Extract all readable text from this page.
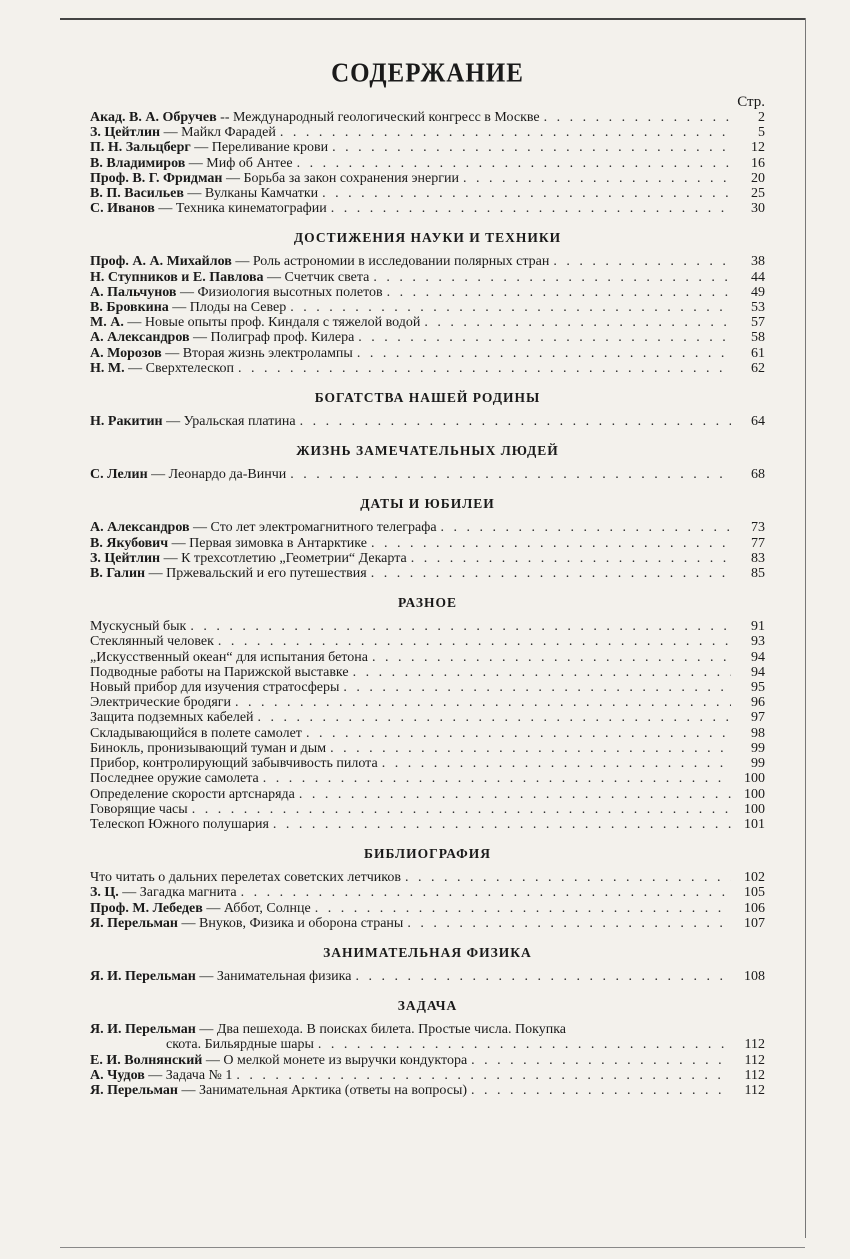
СОДЕРЖАНИЕ
Стр.
Акад. В. А. Обручев -- Международный геологический конгресс в Москве . . .	2
З. Цейтлин — Майкл Фарадей . . .	5
П. Н. Зальцберг — Переливание крови . . .	12
В. Владимиров — Миф об Антее . . .	16
Проф. В. Г. Фридман — Борьба за закон сохранения энергии . . .	20
В. П. Васильев — Вулканы Камчатки . . .	25
С. Иванов — Техника кинематографии . . .	30
ДОСТИЖЕНИЯ НАУКИ И ТЕХНИКИ
Проф. А. А. Михайлов — Роль астрономии в исследовании полярных стран . . .	38
Н. Ступников и Е. Павлова — Счетчик света . . .	44
А. Пальчунов — Физиология высотных полетов . . .	49
В. Бровкина — Плоды на Север . . .	53
М. А. — Новые опыты проф. Киндаля с тяжелой водой . . .	57
А. Александров — Полиграф проф. Килера . . .	58
А. Морозов — Вторая жизнь электролампы . . .	61
Н. М. — Сверхтелескоп . . .	62
БОГАТСТВА НАШЕЙ РОДИНЫ
Н. Ракитин — Уральская платина . . .	64
ЖИЗНЬ ЗАМЕЧАТЕЛЬНЫХ ЛЮДЕЙ
С. Лелин — Леонардо да-Винчи . . .	68
ДАТЫ И ЮБИЛЕИ
А. Александров — Сто лет электромагнитного телеграфа . . .	73
В. Якубович — Первая зимовка в Антарктике . . .	77
З. Цейтлин — К трехсотлетию „Геометрии“ Декарта . . .	83
В. Галин — Пржевальский и его путешествия . . .	85
РАЗНОЕ
Мускусный бык . . .	91
Стеклянный человек . . .	93
„Искусственный океан“ для испытания бетона . . .	94
Подводные работы на Парижской выставке . . .	94
Новый прибор для изучения стратосферы . . .	95
Электрические бродяги . . .	96
Защита подземных кабелей . . .	97
Складывающийся в полете самолет . . .	98
Бинокль, пронизывающий туман и дым . . .	99
Прибор, контролирующий забывчивость пилота . . .	99
Последнее оружие самолета . . .	100
Определение скорости артснаряда . . .	100
Говорящие часы . . .	100
Телескоп Южного полушария . . .	101
БИБЛИОГРАФИЯ
Что читать о дальних перелетах советских летчиков . . .	102
З. Ц. — Загадка магнита . . .	105
Проф. М. Лебедев — Аббот, Солнце . . .	106
Я. Перельман — Внуков, Физика и оборона страны . . .	107
ЗАНИМАТЕЛЬНАЯ ФИЗИКА
Я. И. Перельман — Занимательная физика . . .	108
ЗАДАЧА
Я. И. Перельман — Два пешехода. В поисках билета. Простые числа. Покупка
скота. Бильярдные шары . . .	112
Е. И. Волнянский — О мелкой монете из выручки кондуктора . . .	112
А. Чудов — Задача № 1 . . .	112
Я. Перельман — Занимательная Арктика (ответы на вопросы) . . .	112
